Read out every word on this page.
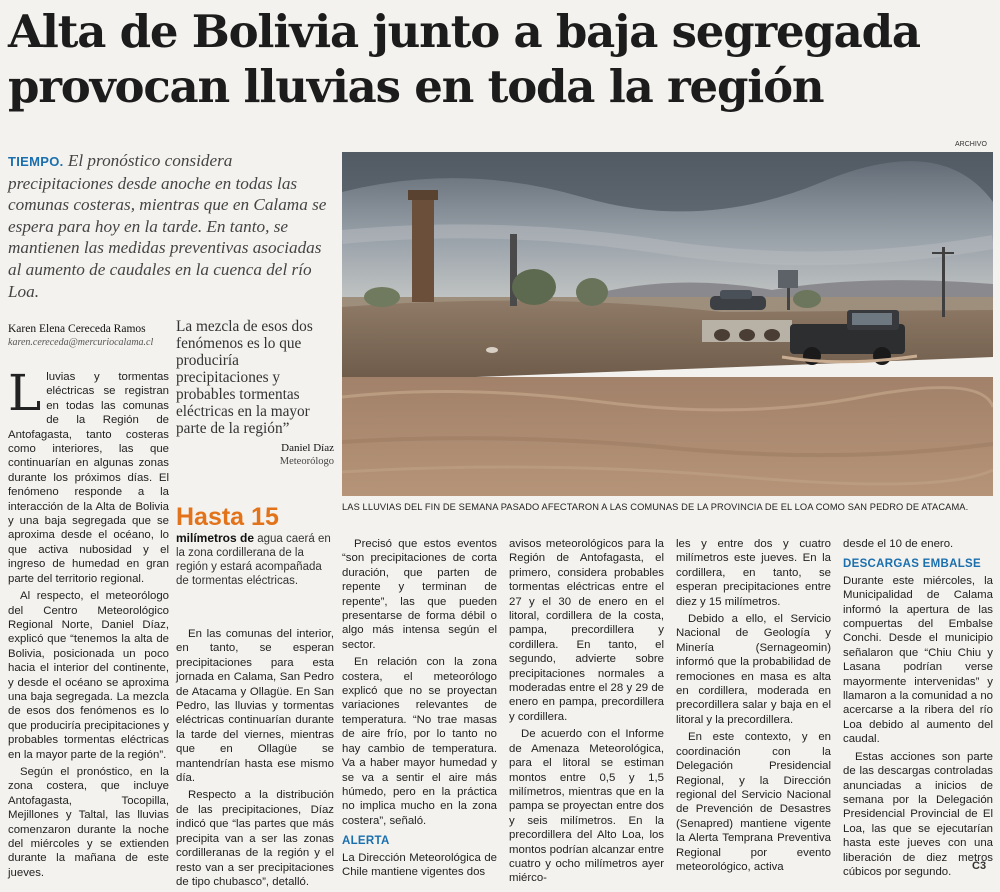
Alta de Bolivia junto a baja segregada provocan lluvias en toda la región

TIEMPO. El pronóstico considera precipitaciones desde anoche en todas las comunas costeras, mientras que en Calama se espera para hoy en la tarde. En tanto, se mantienen las medidas preventivas asociadas al aumento de caudales en la cuenca del río Loa.

Karen Elena Cereceda Ramos
karen.cereceda@mercuriocalama.cl
La mezcla de esos dos fenómenos es lo que produciría precipitaciones y probables tormentas eléctricas en la mayor parte de la región”
Daniel Díaz
Meteorólogo

Lluvias y tormentas eléctricas se registran en todas las comunas de la Región de Antofagasta, tanto costeras como interiores, las que continuarían en algunas zonas durante los próximos días. El fenómeno responde a la interacción de la Alta de Bolivia y una baja segregada que se aproxima desde el océano, lo que activa nubosidad y el ingreso de humedad en gran parte del territorio regional.

Al respecto, el meteorólogo del Centro Meteorológico Regional Norte, Daniel Díaz, explicó que “tenemos la alta de Bolivia, posicionada un poco hacia el interior del continente, y desde el océano se aproxima una baja segregada. La mezcla de esos dos fenómenos es lo que produciría precipitaciones y probables tormentas eléctricas en la mayor parte de la región”.

Según el pronóstico, en la zona costera, que incluye Antofagasta, Tocopilla, Mejillones y Taltal, las lluvias comenzaron durante la noche del miércoles y se extienden durante la mañana de este jueves.

Hasta 15
milímetros de agua caerá en la zona cordillerana de la región y estará acompañada de tormentas eléctricas.

En las comunas del interior, en tanto, se esperan precipitaciones para esta jornada en Calama, San Pedro de Atacama y Ollagüe. En San Pedro, las lluvias y tormentas eléctricas continuarían durante la tarde del viernes, mientras que en Ollagüe se mantendrían hasta ese mismo día.

Respecto a la distribución de las precipitaciones, Díaz indicó que “las partes que más precipita van a ser las zonas cordilleranas de la región y el resto van a ser precipitaciones de tipo chubasco”, detalló.

Precisó que estos eventos “son precipitaciones de corta duración, que parten de repente y terminan de repente”, las que pueden presentarse de forma débil o algo más intensa según el sector.

En relación con la zona costera, el meteorólogo explicó que no se proyectan variaciones relevantes de temperatura. “No trae masas de aire frío, por lo tanto no hay cambio de temperatura. Va a haber mayor humedad y se va a sentir el aire más húmedo, pero en la práctica no implica mucho en la zona costera”, señaló.

ALERTA

La Dirección Meteorológica de Chile mantiene vigentes dos

avisos meteorológicos para la Región de Antofagasta, el primero, considera probables tormentas eléctricas entre el 27 y el 30 de enero en el litoral, cordillera de la costa, pampa, precordillera y cordillera. En tanto, el segundo, advierte sobre precipitaciones normales a moderadas entre el 28 y 29 de enero en pampa, precordillera y cordillera.

De acuerdo con el Informe de Amenaza Meteorológica, para el litoral se estiman montos entre 0,5 y 1,5 milímetros, mientras que en la pampa se proyectan entre dos y seis milímetros. En la precordillera del Alto Loa, los montos podrían alcanzar entre cuatro y ocho milímetros ayer miérco-

les y entre dos y cuatro milímetros este jueves. En la cordillera, en tanto, se esperan precipitaciones entre diez y 15 milímetros.

Debido a ello, el Servicio Nacional de Geología y Minería (Sernageomin) informó que la probabilidad de remociones en masa es alta en cordillera, moderada en precordillera salar y baja en el litoral y la precordillera.

En este contexto, y en coordinación con la Delegación Presidencial Regional, y la Dirección regional del Servicio Nacional de Prevención de Desastres (Senapred) mantiene vigente la Alerta Temprana Preventiva Regional por evento meteorológico, activa

desde el 10 de enero.

DESCARGAS EMBALSE

Durante este miércoles, la Municipalidad de Calama informó la apertura de las compuertas del Embalse Conchi. Desde el municipio señalaron que “Chiu Chiu y Lasana podrían verse mayormente intervenidas” y llamaron a la comunidad a no acercarse a la ribera del río Loa debido al aumento del caudal.

Estas acciones son parte de las descargas controladas anunciadas a inicios de semana por la Delegación Presidencial Provincial de El Loa, las que se ejecutarían hasta este jueves con una liberación de diez metros cúbicos por segundo.	C3
ARCHIVO
LAS LLUVIAS DEL FIN DE SEMANA PASADO AFECTARON A LAS COMUNAS DE LA PROVINCIA DE EL LOA COMO SAN PEDRO DE ATACAMA.
